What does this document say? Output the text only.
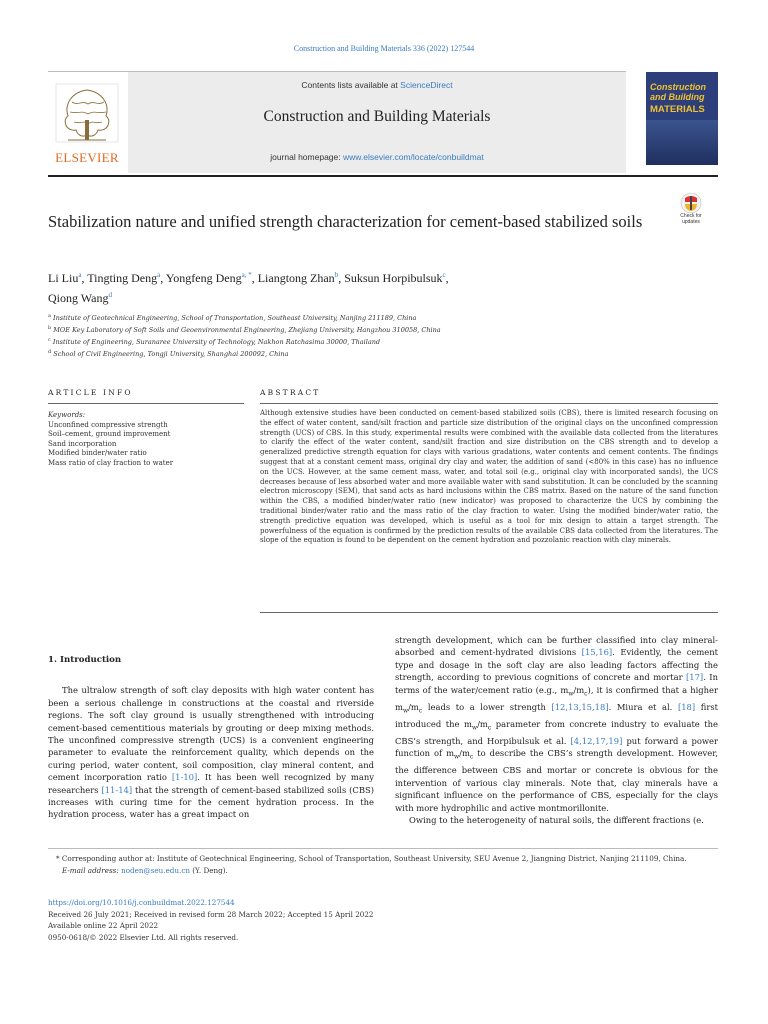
Construction and Building Materials 336 (2022) 127544
ELSEVIER
Contents lists available at ScienceDirect
Construction and Building Materials
journal homepage: www.elsevier.com/locate/conbuildmat
Construction
and Building
MATERIALS
Check for updates
Stabilization nature and unified strength characterization for cement-based stabilized soils
Li Liu$^a$, Tingting Deng$^a$, Yongfeng Deng$^{a, *}$, Liangtong Zhan$^b$, Suksun Horpibulsuk$^c$,
Qiong Wang$^d$
$^a$ Institute of Geotechnical Engineering, School of Transportation, Southeast University, Nanjing 211189, China
$^b$ MOE Key Laboratory of Soft Soils and Geoenvironmental Engineering, Zhejiang University, Hangzhou 310058, China
$^c$ Institute of Engineering, Suranaree University of Technology, Nakhon Ratchasima 30000, Thailand
$^d$ School of Civil Engineering, Tongji University, Shanghai 200092, China
ARTICLE INFO	ABSTRACT
Keywords:
Unconfined compressive strength
Soil–cement, ground improvement
Sand incorporation
Modified binder/water ratio
Mass ratio of clay fraction to water
Although extensive studies have been conducted on cement-based stabilized soils (CBS), there is limited research focusing on the effect of water content, sand/silt fraction and particle size distribution of the original clays on the unconfined compression strength (UCS) of CBS. In this study, experimental results were combined with the available data collected from the literatures to clarify the effect of the water content, sand/silt fraction and size distribution on the CBS strength and to develop a generalized predictive strength equation for clays with various gradations, water contents and cement contents. The findings suggest that at a constant cement mass, original dry clay and water, the addition of sand (<80% in this case) has no influence on the UCS. However, at the same cement mass, water, and total soil (e.g., original clay with incorporated sands), the UCS decreases because of less absorbed water and more available water with sand substitution. It can be concluded by the scanning electron microscopy (SEM), that sand acts as hard inclusions within the CBS matrix. Based on the nature of the sand function within the CBS, a modified binder/water ratio (new indicator) was proposed to characterize the UCS by combining the traditional binder/water ratio and the mass ratio of the clay fraction to water. Using the modified binder/water ratio, the strength predictive equation was developed, which is useful as a tool for mix design to attain a target strength. The powerfulness of the equation is confirmed by the prediction results of the available CBS data collected from the literatures. The slope of the equation is found to be dependent on the cement hydration and pozzolanic reaction with clay minerals.

1. Introduction

The ultralow strength of soft clay deposits with high water content has been a serious challenge in constructions at the coastal and riverside regions. The soft clay ground is usually strengthened with introducing cement-based cementitious materials by grouting or deep mixing methods. The unconfined compressive strength (UCS) is a convenient engineering parameter to evaluate the reinforcement quality, which depends on the curing period, water content, soil composition, clay mineral content, and cement incorporation ratio [1-10]. It has been well recognized by many researchers [11-14] that the strength of cement-based stabilized soils (CBS) increases with curing time for the cement hydration process. In the hydration process, water has a great impact on

strength development, which can be further classified into clay mineral-absorbed and cement-hydrated divisions [15,16]. Evidently, the cement type and dosage in the soft clay are also leading factors affecting the strength, according to previous cognitions of concrete and mortar [17]. In terms of the water/cement ratio (e.g., $m_w/m_c$), it is confirmed that a higher $m_w/m_c$ leads to a lower strength [12,13,15,18]. Miura et al. [18] first introduced the $m_w/m_c$ parameter from concrete industry to evaluate the CBS’s strength, and Horpibulsuk et al. [4,12,17,19] put forward a power function of $m_w/m_c$ to describe the CBS’s strength development. However, the difference between CBS and mortar or concrete is obvious for the intervention of various clay minerals. Note that, clay minerals have a significant influence on the performance of CBS, especially for the clays with more hydrophilic and active montmorillonite.

Owing to the heterogeneity of natural soils, the different fractions (e.

* Corresponding author at: Institute of Geotechnical Engineering, School of Transportation, Southeast University, SEU Avenue 2, Jiangning District, Nanjing 211109, China.
E-mail address: noden@seu.edu.cn (Y. Deng).
https://doi.org/10.1016/j.conbuildmat.2022.127544
Received 26 July 2021; Received in revised form 28 March 2022; Accepted 15 April 2022
Available online 22 April 2022
0950-0618/© 2022 Elsevier Ltd. All rights reserved.
